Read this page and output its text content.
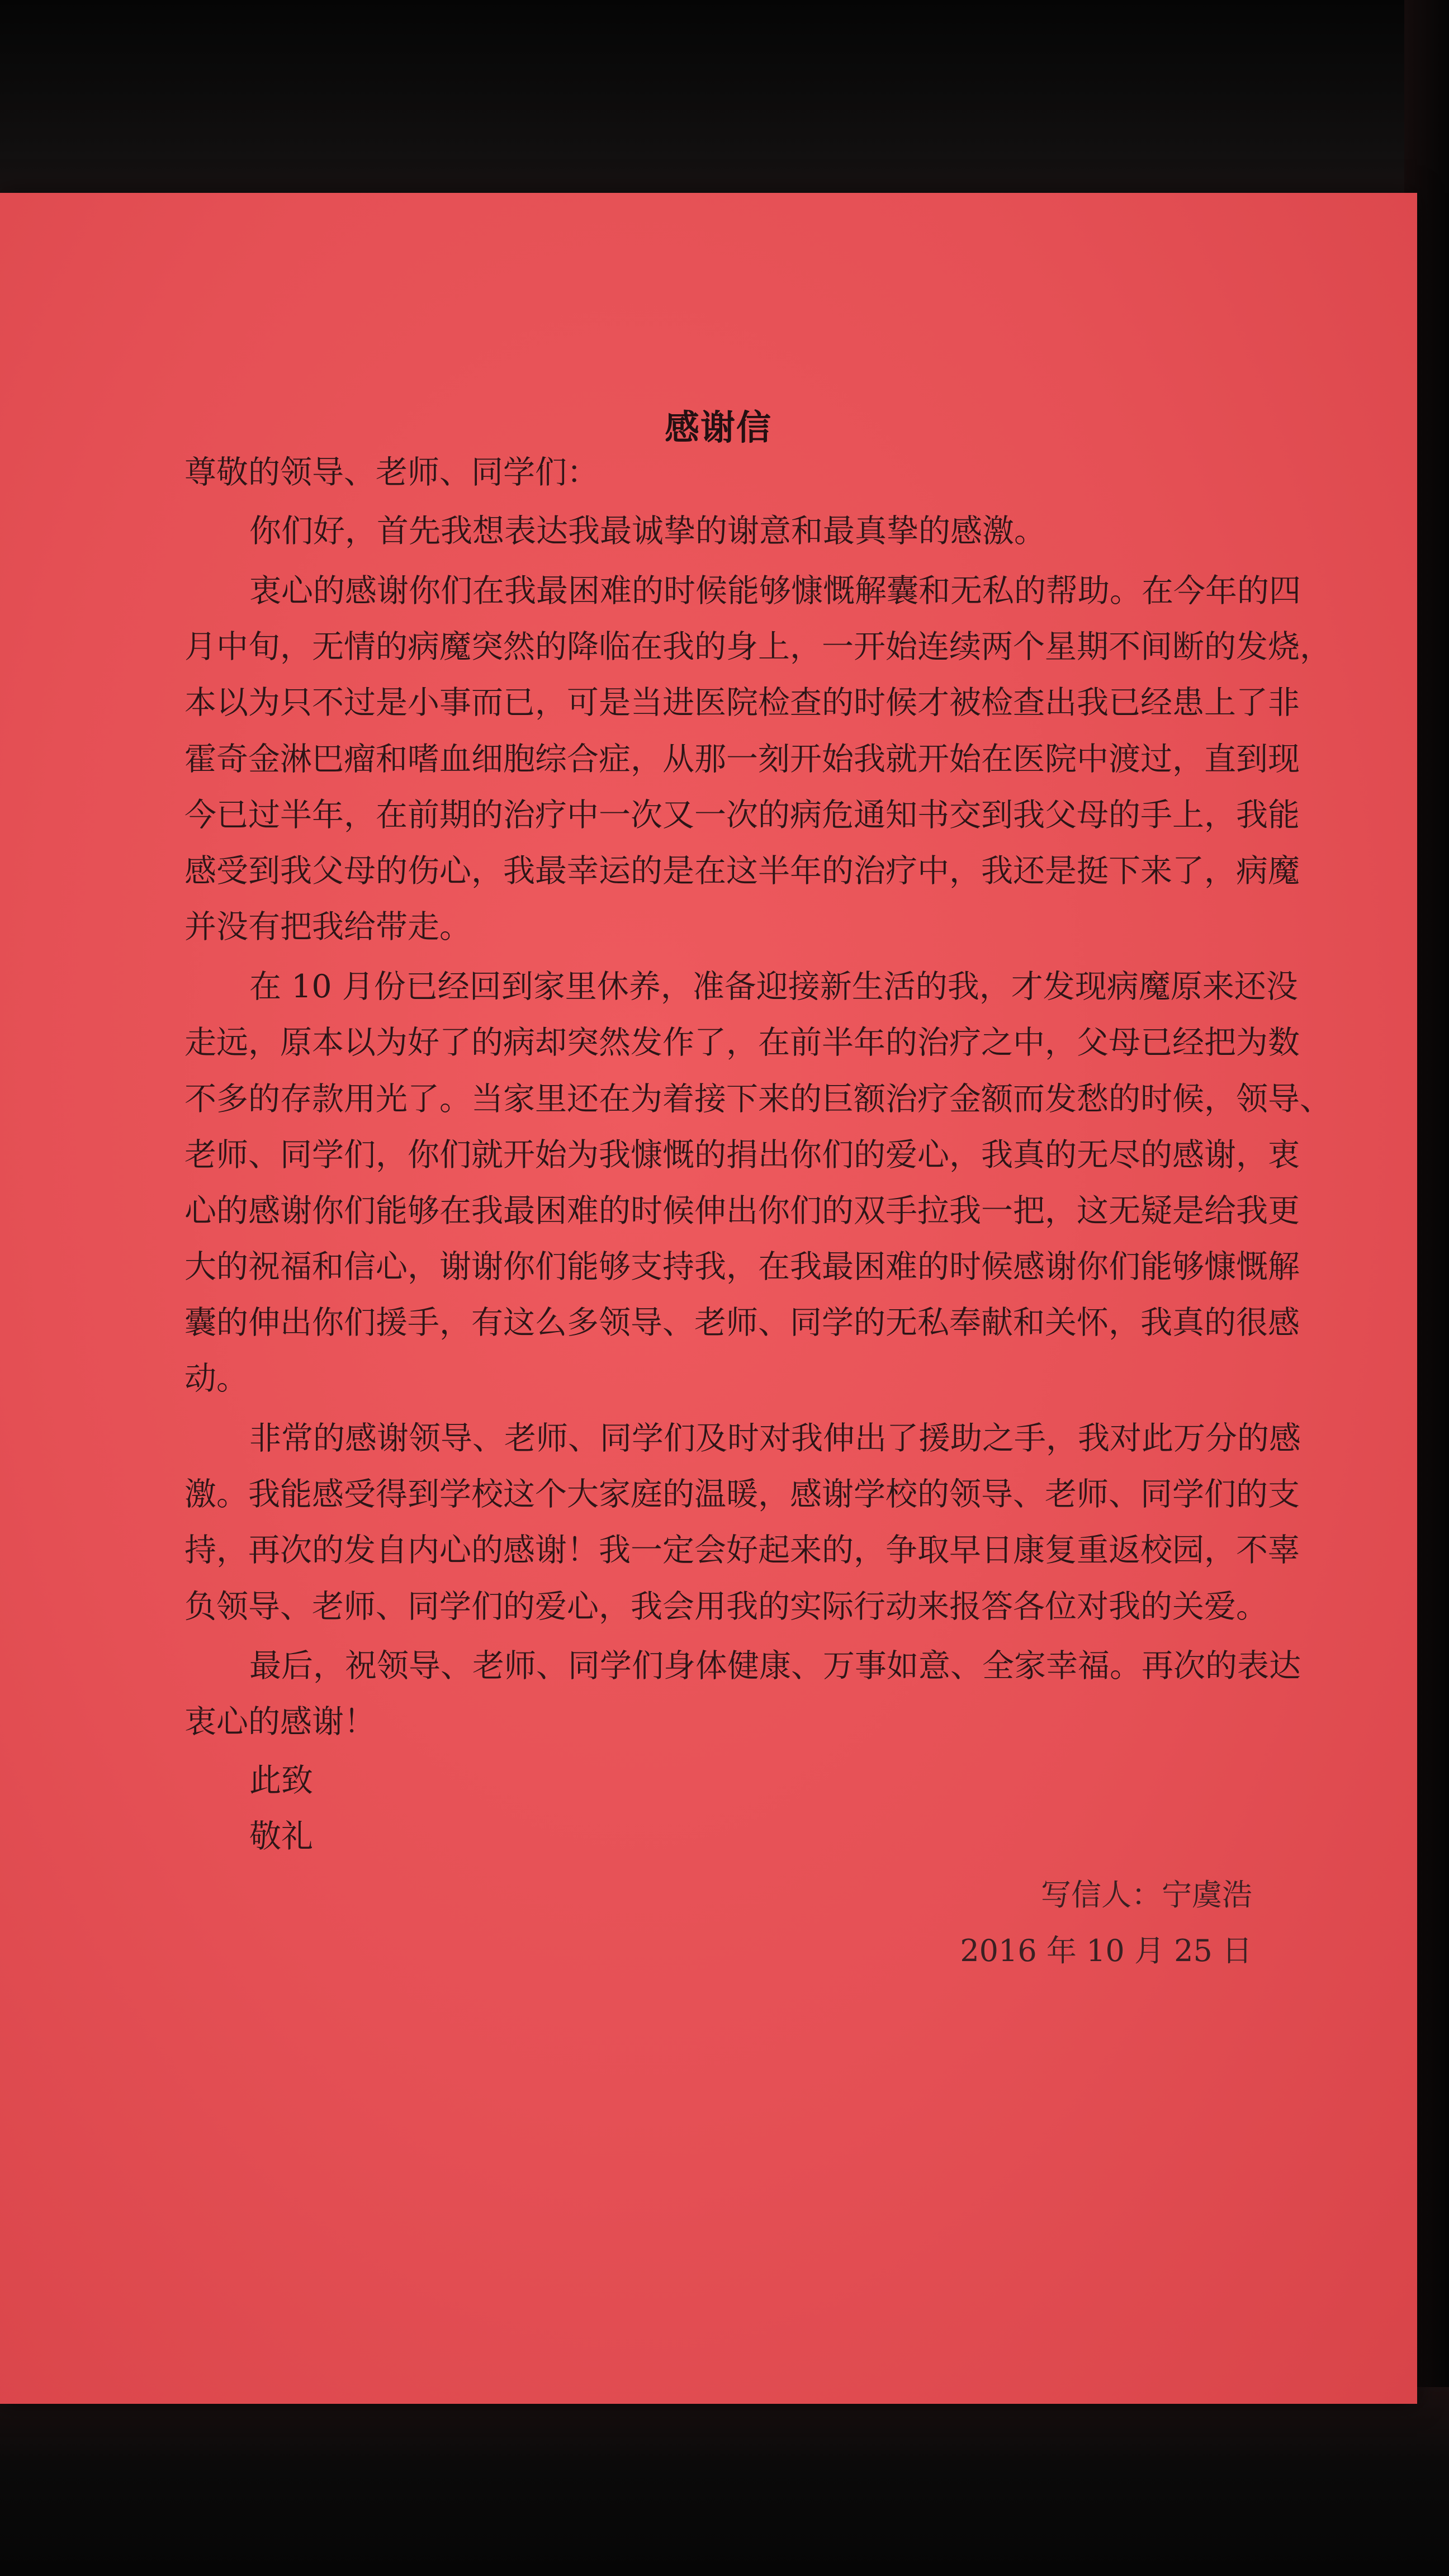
感谢信
尊敬的领导、老师、同学们：
你们好，首先我想表达我最诚挚的谢意和最真挚的感激。
衷心的感谢你们在我最困难的时候能够慷慨解囊和无私的帮助。在今年的四
月中旬，无情的病魔突然的降临在我的身上，一开始连续两个星期不间断的发烧，
本以为只不过是小事而已，可是当进医院检查的时候才被检查出我已经患上了非
霍奇金淋巴瘤和嗜血细胞综合症，从那一刻开始我就开始在医院中渡过，直到现
今已过半年，在前期的治疗中一次又一次的病危通知书交到我父母的手上，我能
感受到我父母的伤心，我最幸运的是在这半年的治疗中，我还是挺下来了，病魔
并没有把我给带走。
在 10 月份已经回到家里休养，准备迎接新生活的我，才发现病魔原来还没
走远，原本以为好了的病却突然发作了，在前半年的治疗之中，父母已经把为数
不多的存款用光了。当家里还在为着接下来的巨额治疗金额而发愁的时候，领导、
老师、同学们，你们就开始为我慷慨的捐出你们的爱心，我真的无尽的感谢，衷
心的感谢你们能够在我最困难的时候伸出你们的双手拉我一把，这无疑是给我更
大的祝福和信心，谢谢你们能够支持我，在我最困难的时候感谢你们能够慷慨解
囊的伸出你们援手，有这么多领导、老师、同学的无私奉献和关怀，我真的很感
动。
非常的感谢领导、老师、同学们及时对我伸出了援助之手，我对此万分的感
激。我能感受得到学校这个大家庭的温暖，感谢学校的领导、老师、同学们的支
持，再次的发自内心的感谢！我一定会好起来的，争取早日康复重返校园，不辜
负领导、老师、同学们的爱心，我会用我的实际行动来报答各位对我的关爱。
最后，祝领导、老师、同学们身体健康、万事如意、全家幸福。再次的表达
衷心的感谢！
此致
敬礼
写信人：宁虞浩
2016 年 10 月 25 日
